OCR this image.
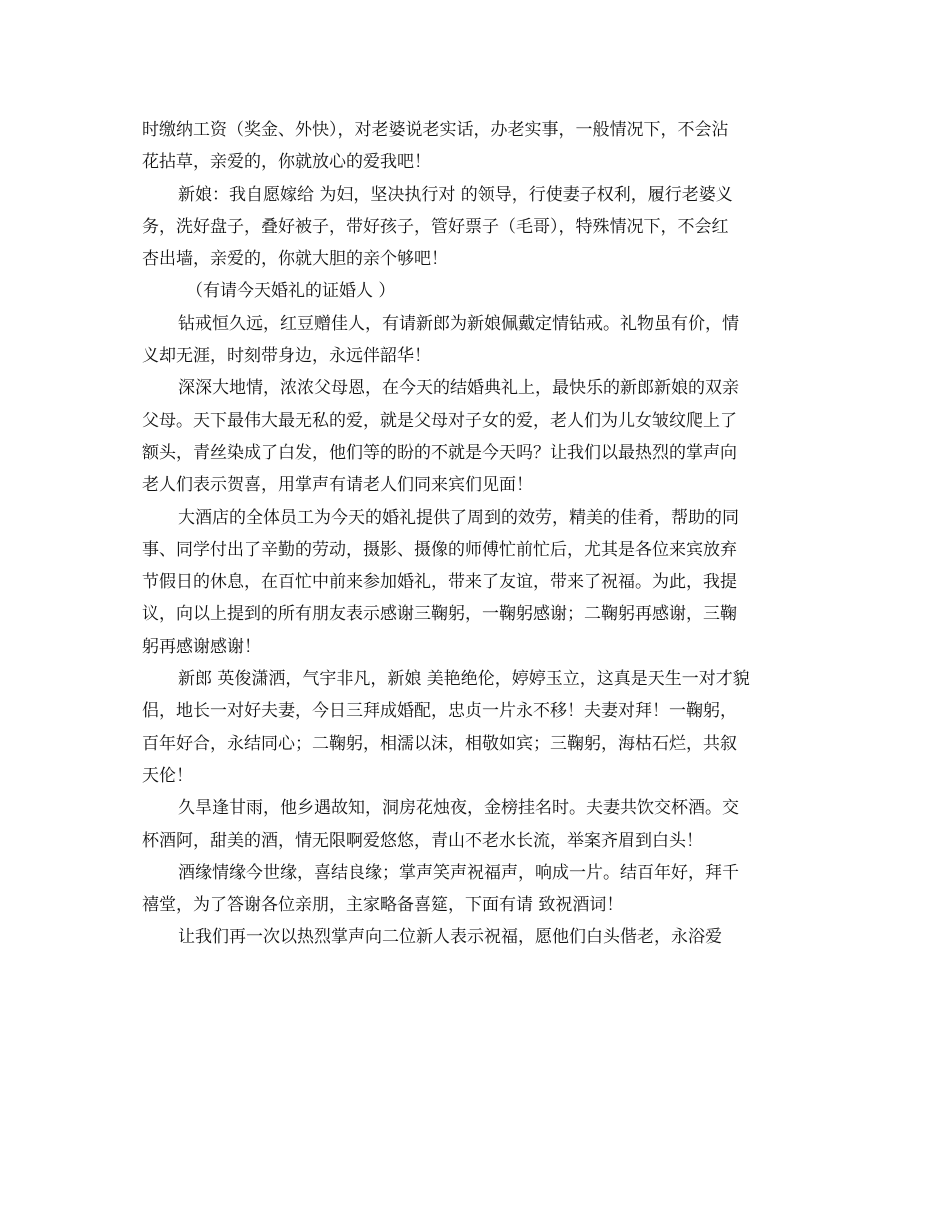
时缴纳工资（奖金、外快），对老婆说老实话，办老实事，一般情况下，不会沾
花拈草，亲爱的，你就放心的爱我吧！
新娘：我自愿嫁给 为妇，坚决执行对 的领导，行使妻子权利，履行老婆义
务，洗好盘子，叠好被子，带好孩子，管好票子（毛哥），特殊情况下，不会红
杏出墙，亲爱的，你就大胆的亲个够吧！
（有请今天婚礼的证婚人 ）
钻戒恒久远，红豆赠佳人，有请新郎为新娘佩戴定情钻戒。礼物虽有价，情
义却无涯，时刻带身边，永远伴韶华！
深深大地情，浓浓父母恩，在今天的结婚典礼上，最快乐的新郎新娘的双亲
父母。天下最伟大最无私的爱，就是父母对子女的爱，老人们为儿女皱纹爬上了
额头，青丝染成了白发，他们等的盼的不就是今天吗？让我们以最热烈的掌声向
老人们表示贺喜，用掌声有请老人们同来宾们见面！
大酒店的全体员工为今天的婚礼提供了周到的效劳，精美的佳肴，帮助的同
事、同学付出了辛勤的劳动，摄影、摄像的师傅忙前忙后，尤其是各位来宾放弃
节假日的休息，在百忙中前来参加婚礼，带来了友谊，带来了祝福。为此，我提
议，向以上提到的所有朋友表示感谢三鞠躬，一鞠躬感谢；二鞠躬再感谢，三鞠
躬再感谢感谢！
新郎 英俊潇洒，气宇非凡，新娘 美艳绝伦，婷婷玉立，这真是天生一对才貌
侣，地长一对好夫妻，今日三拜成婚配，忠贞一片永不移！夫妻对拜！一鞠躬，
百年好合，永结同心；二鞠躬，相濡以沫，相敬如宾；三鞠躬，海枯石烂，共叙
天伦！
久旱逢甘雨，他乡遇故知，洞房花烛夜，金榜挂名时。夫妻共饮交杯酒。交
杯酒阿，甜美的酒，情无限啊爱悠悠，青山不老水长流，举案齐眉到白头！
酒缘情缘今世缘，喜结良缘；掌声笑声祝福声，响成一片。结百年好，拜千
禧堂，为了答谢各位亲朋，主家略备喜筵，下面有请 致祝酒词！
让我们再一次以热烈掌声向二位新人表示祝福，愿他们白头偕老，永浴爱
